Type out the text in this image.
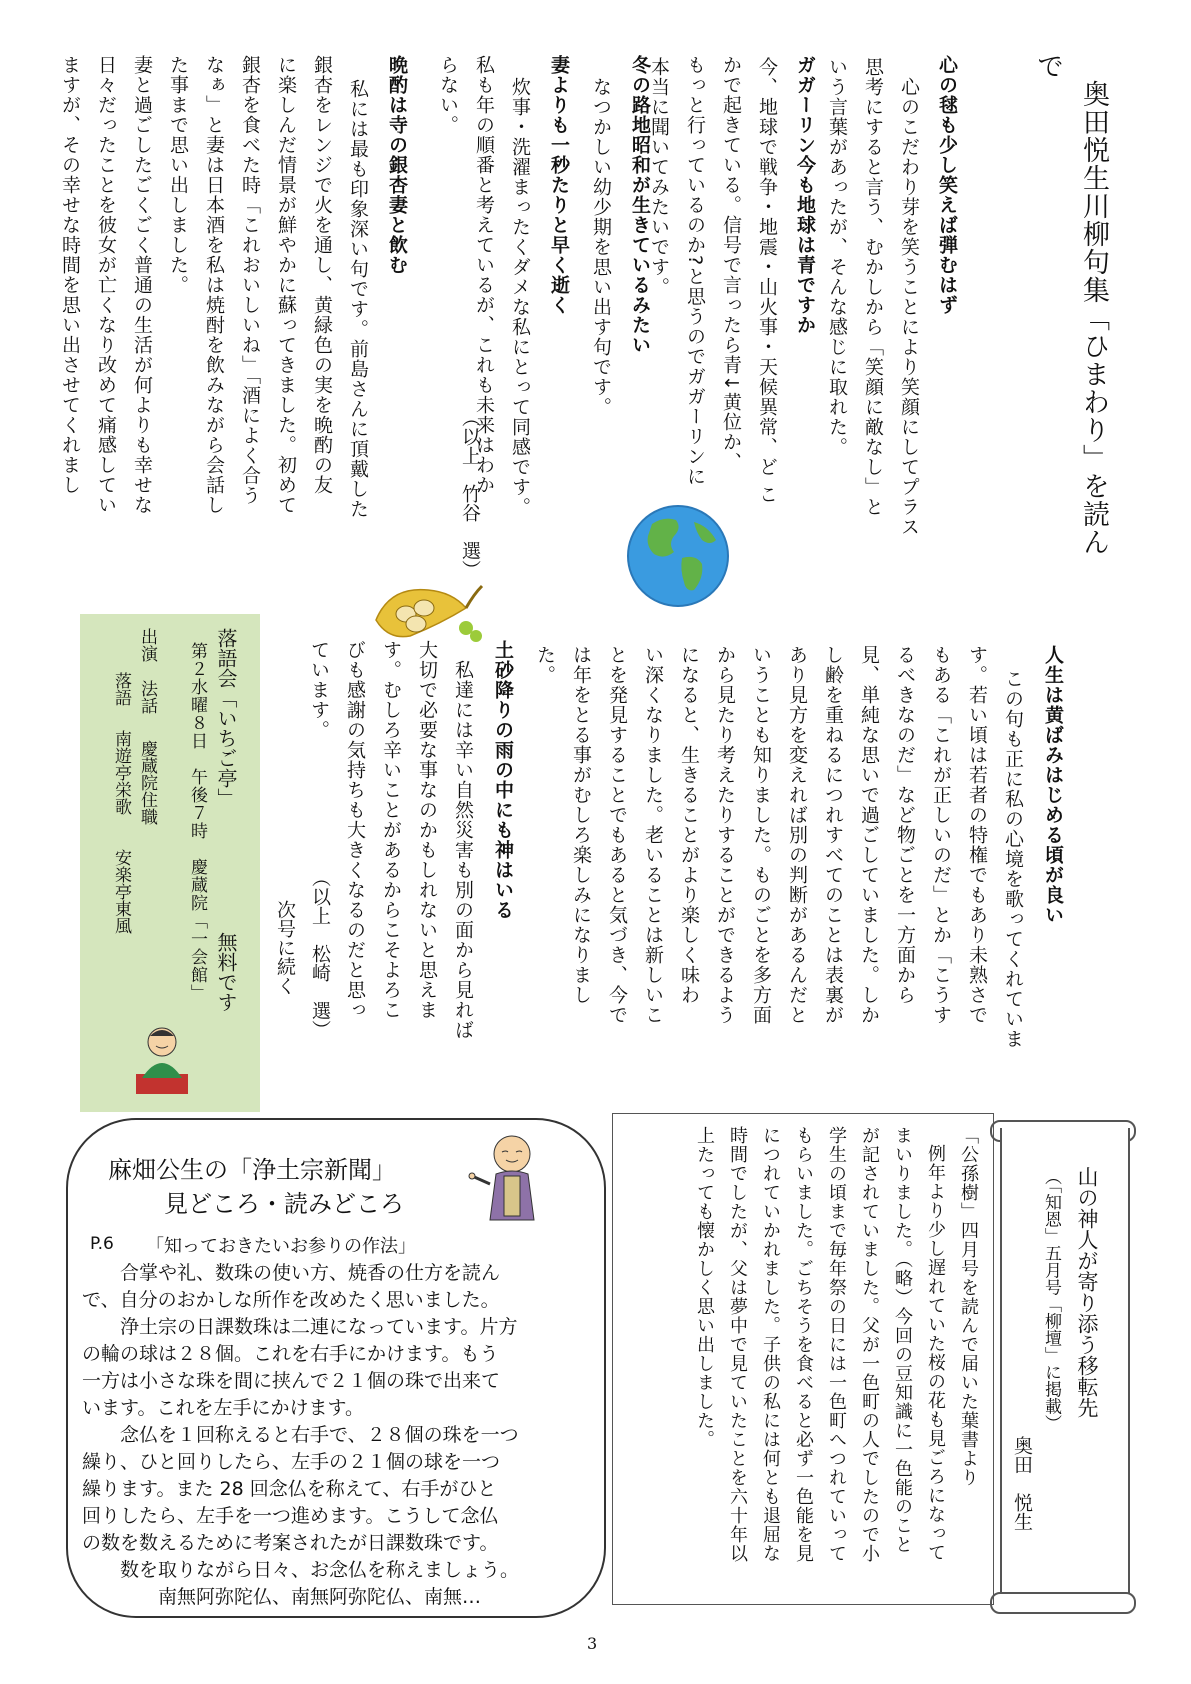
奥田悦生川柳句集「ひまわり」を読ん
で

心の毬も少し笑えば弾むはず

心のこだわり芽を笑うことにより笑顔にしてプラス

思考にすると言う、むかしから「笑顔に敵なし」と

いう言葉があったが、そんな感じに取れた。

ガガーリン今も地球は青ですか

今、地球で戦争・地震・山火事・天候異常、ど こ

かで起きている。信号で言ったら青↓黄位か、

もっと行っているのか?と思うのでガガーリンに

本当に聞いてみたいです。

冬の路地昭和が生きているみたい

なつかしい幼少期を思い出す句です。

妻よりも一秒たりと早く逝く

炊事・洗濯まったくダメな私にとって同感です。

私も年の順番と考えているが、これも未来はわか

らない。

（以上　竹谷　選）

晩酌は寺の銀杏妻と飲む

私には最も印象深い句です。前島さんに頂戴した

銀杏をレンジで火を通し、黄緑色の実を晩酌の友

に楽しんだ情景が鮮やかに蘇ってきました。初めて

銀杏を食べた時「これおいしいね」「酒によく合う

なぁ」と妻は日本酒を私は焼酎を飲みながら会話し

た事まで思い出しました。

妻と過ごしたごくごく普通の生活が何よりも幸せな

日々だったことを彼女が亡くなり改めて痛感してい

ますが、その幸せな時間を思い出させてくれまし

人生は黄ばみはじめる頃が良い

この句も正に私の心境を歌ってくれていま

す。若い頃は若者の特権でもあり未熟さで

もある「これが正しいのだ」とか「こうす

るべきなのだ」など物ごとを一方面から

見、単純な思いで過ごしていました。しか

し齢を重ねるにつれすべてのことは表裏が

あり見方を変えれば別の判断があるんだと

いうことも知りました。ものごとを多方面

から見たり考えたりすることができるよう

になると、生きることがより楽しく味わ

い深くなりました。老いることは新しいこ

とを発見することでもあると気づき、今で

は年をとる事がむしろ楽しみになりまし

た。

土砂降りの雨の中にも神はいる

私達には辛い自然災害も別の面から見れば

大切で必要な事なのかもしれないと思えま

す。むしろ辛いことがあるからこそよろこ

びも感謝の気持ちも大きくなるのだと思っ

ています。

（以上　松崎　選）
次号に続く
落語会「いちご亭」
無料です
第２水曜８日　午後７時　慶蔵院「一会館」
出演
法話
慶蔵院住職
落語
南遊亭栄歌　　安楽亭東風
山の神人が寄り添う移転先
（「知恩」五月号「柳壇」に掲載）
奥田　悦生

「公孫樹」四月号を読んで届いた葉書より

例年より少し遅れていた桜の花も見ごろになって

まいりました。（略）今回の豆知識に一色能のこと

が記されていました。父が一色町の人でしたので小

学生の頃まで毎年祭の日には一色町へつれていって

もらいました。ごちそうを食べると必ず一色能を見

につれていかれました。子供の私には何とも退屈な

時間でしたが、父は夢中で見ていたことを六十年以

上たっても懐かしく思い出しました。

麻畑公生の「浄土宗新聞」
見どころ・読みどころ
P.6 「知っておきたいお参りの作法」

合掌や礼、数珠の使い方、焼香の仕方を読ん

で、自分のおかしな所作を改めたく思いました。

浄土宗の日課数珠は二連になっています。片方

の輪の球は２８個。これを右手にかけます。もう

一方は小さな珠を間に挟んで２１個の珠で出来て

います。これを左手にかけます。

念仏を１回称えると右手で、２８個の珠を一つ

繰り、ひと回りしたら、左手の２１個の球を一つ

繰ります。また 28 回念仏を称えて、右手がひと

回りしたら、左手を一つ進めます。こうして念仏

の数を数えるために考案されたが日課数珠です。

数を取りながら日々、お念仏を称えましょう。

南無阿弥陀仏、南無阿弥陀仏、南無…

3
